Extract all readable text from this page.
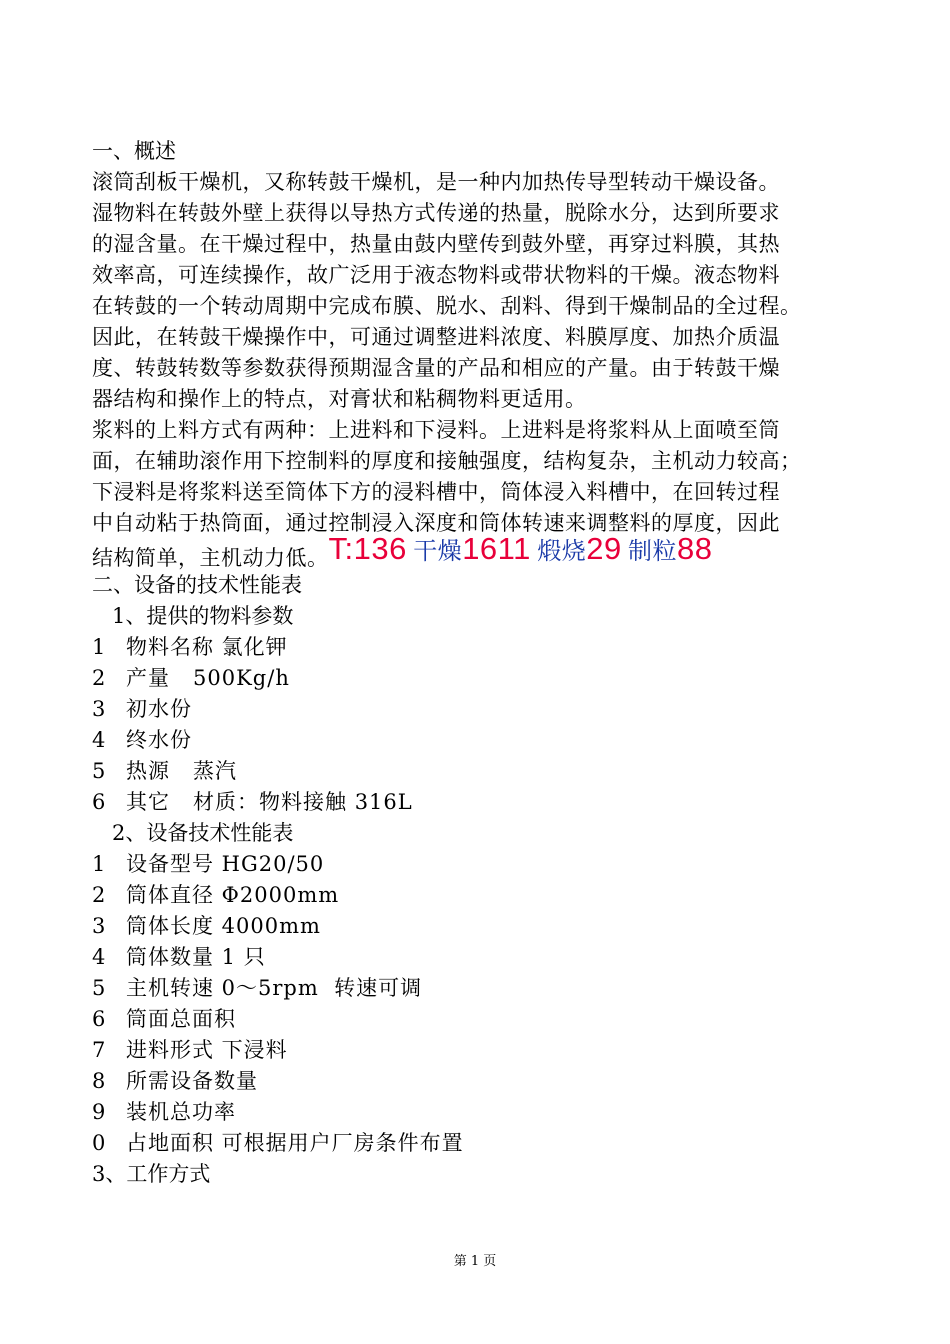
一、概述
滚筒刮板干燥机，又称转鼓干燥机，是一种内加热传导型转动干燥设备。
湿物料在转鼓外壁上获得以导热方式传递的热量，脱除水分，达到所要求
的湿含量。在干燥过程中，热量由鼓内壁传到鼓外壁，再穿过料膜，其热
效率高，可连续操作，故广泛用于液态物料或带状物料的干燥。液态物料
在转鼓的一个转动周期中完成布膜、脱水、刮料、得到干燥制品的全过程。
因此，在转鼓干燥操作中，可通过调整进料浓度、料膜厚度、加热介质温
度、转鼓转数等参数获得预期湿含量的产品和相应的产量。由于转鼓干燥
器结构和操作上的特点，对膏状和粘稠物料更适用。
浆料的上料方式有两种：上进料和下浸料。上进料是将浆料从上面喷至筒
面，在辅助滚作用下控制料的厚度和接触强度，结构复杂，主机动力较高；
下浸料是将浆料送至筒体下方的浸料槽中，筒体浸入料槽中，在回转过程
中自动粘于热筒面，通过控制浸入深度和筒体转速来调整料的厚度，因此
结构简单，主机动力低。T:136 干燥1611 煅烧29 制粒88
二、设备的技术性能表
1、提供的物料参数
1 物料名称 氯化钾
2 产量   500Kg/h
3 初水份
4 终水份
5 热源   蒸汽
6 其它   材质：物料接触 316L
2、设备技术性能表
1 设备型号 HG20/50
2 筒体直径 Φ2000mm
3 筒体长度 4000mm
4 筒体数量 1 只
5 主机转速 0～5rpm  转速可调
6 筒面总面积
7 进料形式 下浸料
8 所需设备数量
9 装机总功率
0 占地面积 可根据用户厂房条件布置
3、工作方式
第 1 页
